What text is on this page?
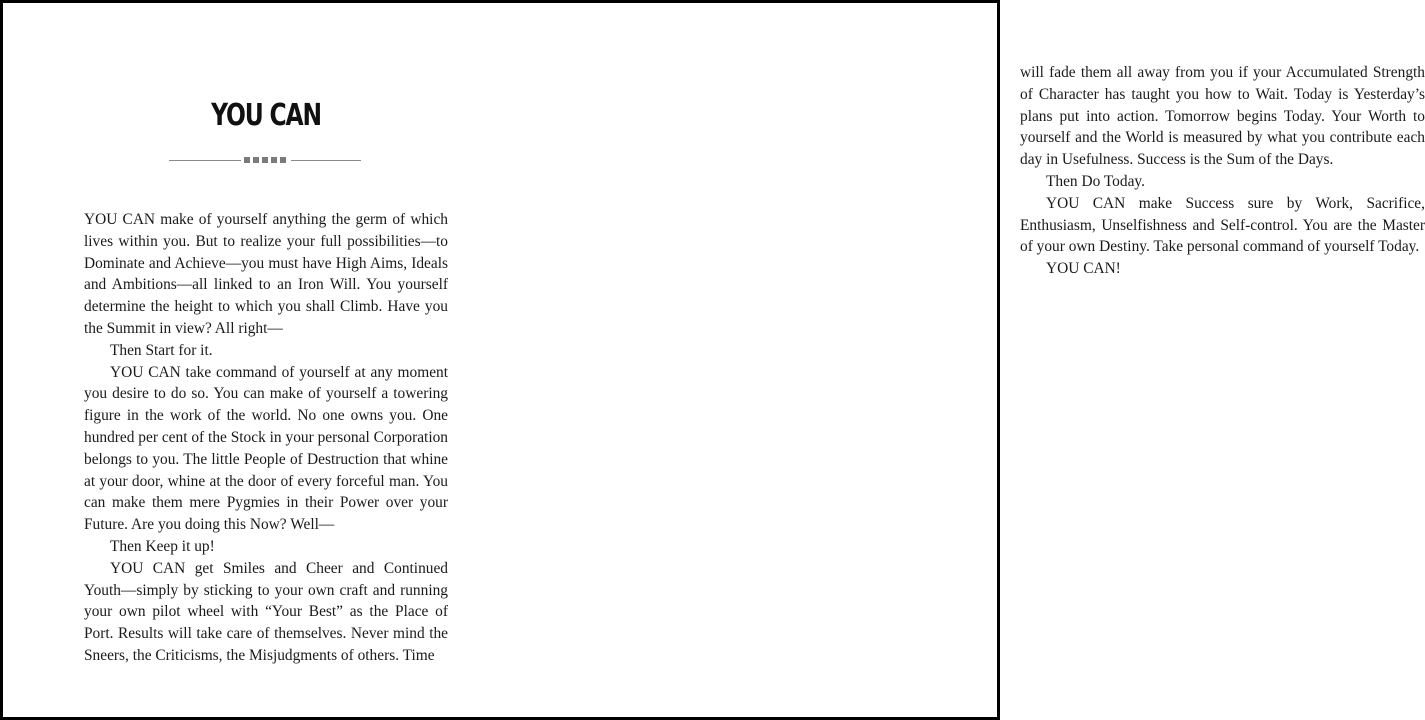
YOU CAN

YOU CAN make of yourself anything the germ of which lives within you. But to realize your full possibilities—to Dominate and Achieve—you must have High Aims, Ideals and Ambitions—all linked to an Iron Will. You yourself determine the height to which you shall Climb. Have you the Summit in view? All right—

Then Start for it.

YOU CAN take command of yourself at any moment you desire to do so. You can make of yourself a towering figure in the work of the world. No one owns you. One hundred per cent of the Stock in your personal Corporation belongs to you. The little People of Destruction that whine at your door, whine at the door of every forceful man. You can make them mere Pygmies in their Power over your Future. Are you doing this Now? Well—

Then Keep it up!

YOU CAN get Smiles and Cheer and Continued Youth—simply by sticking to your own craft and running your own pilot wheel with “Your Best” as the Place of Port. Results will take care of themselves. Never mind the Sneers, the Criticisms, the Misjudgments of others. Time

will fade them all away from you if your Accumulated Strength of Character has taught you how to Wait. Today is Yesterday’s plans put into action. Tomorrow begins Today. Your Worth to yourself and the World is measured by what you contribute each day in Usefulness. Success is the Sum of the Days.

Then Do Today.

YOU CAN make Success sure by Work, Sacrifice, Enthusiasm, Unselfishness and Self-control. You are the Master of your own Destiny. Take personal command of yourself Today.

YOU CAN!
